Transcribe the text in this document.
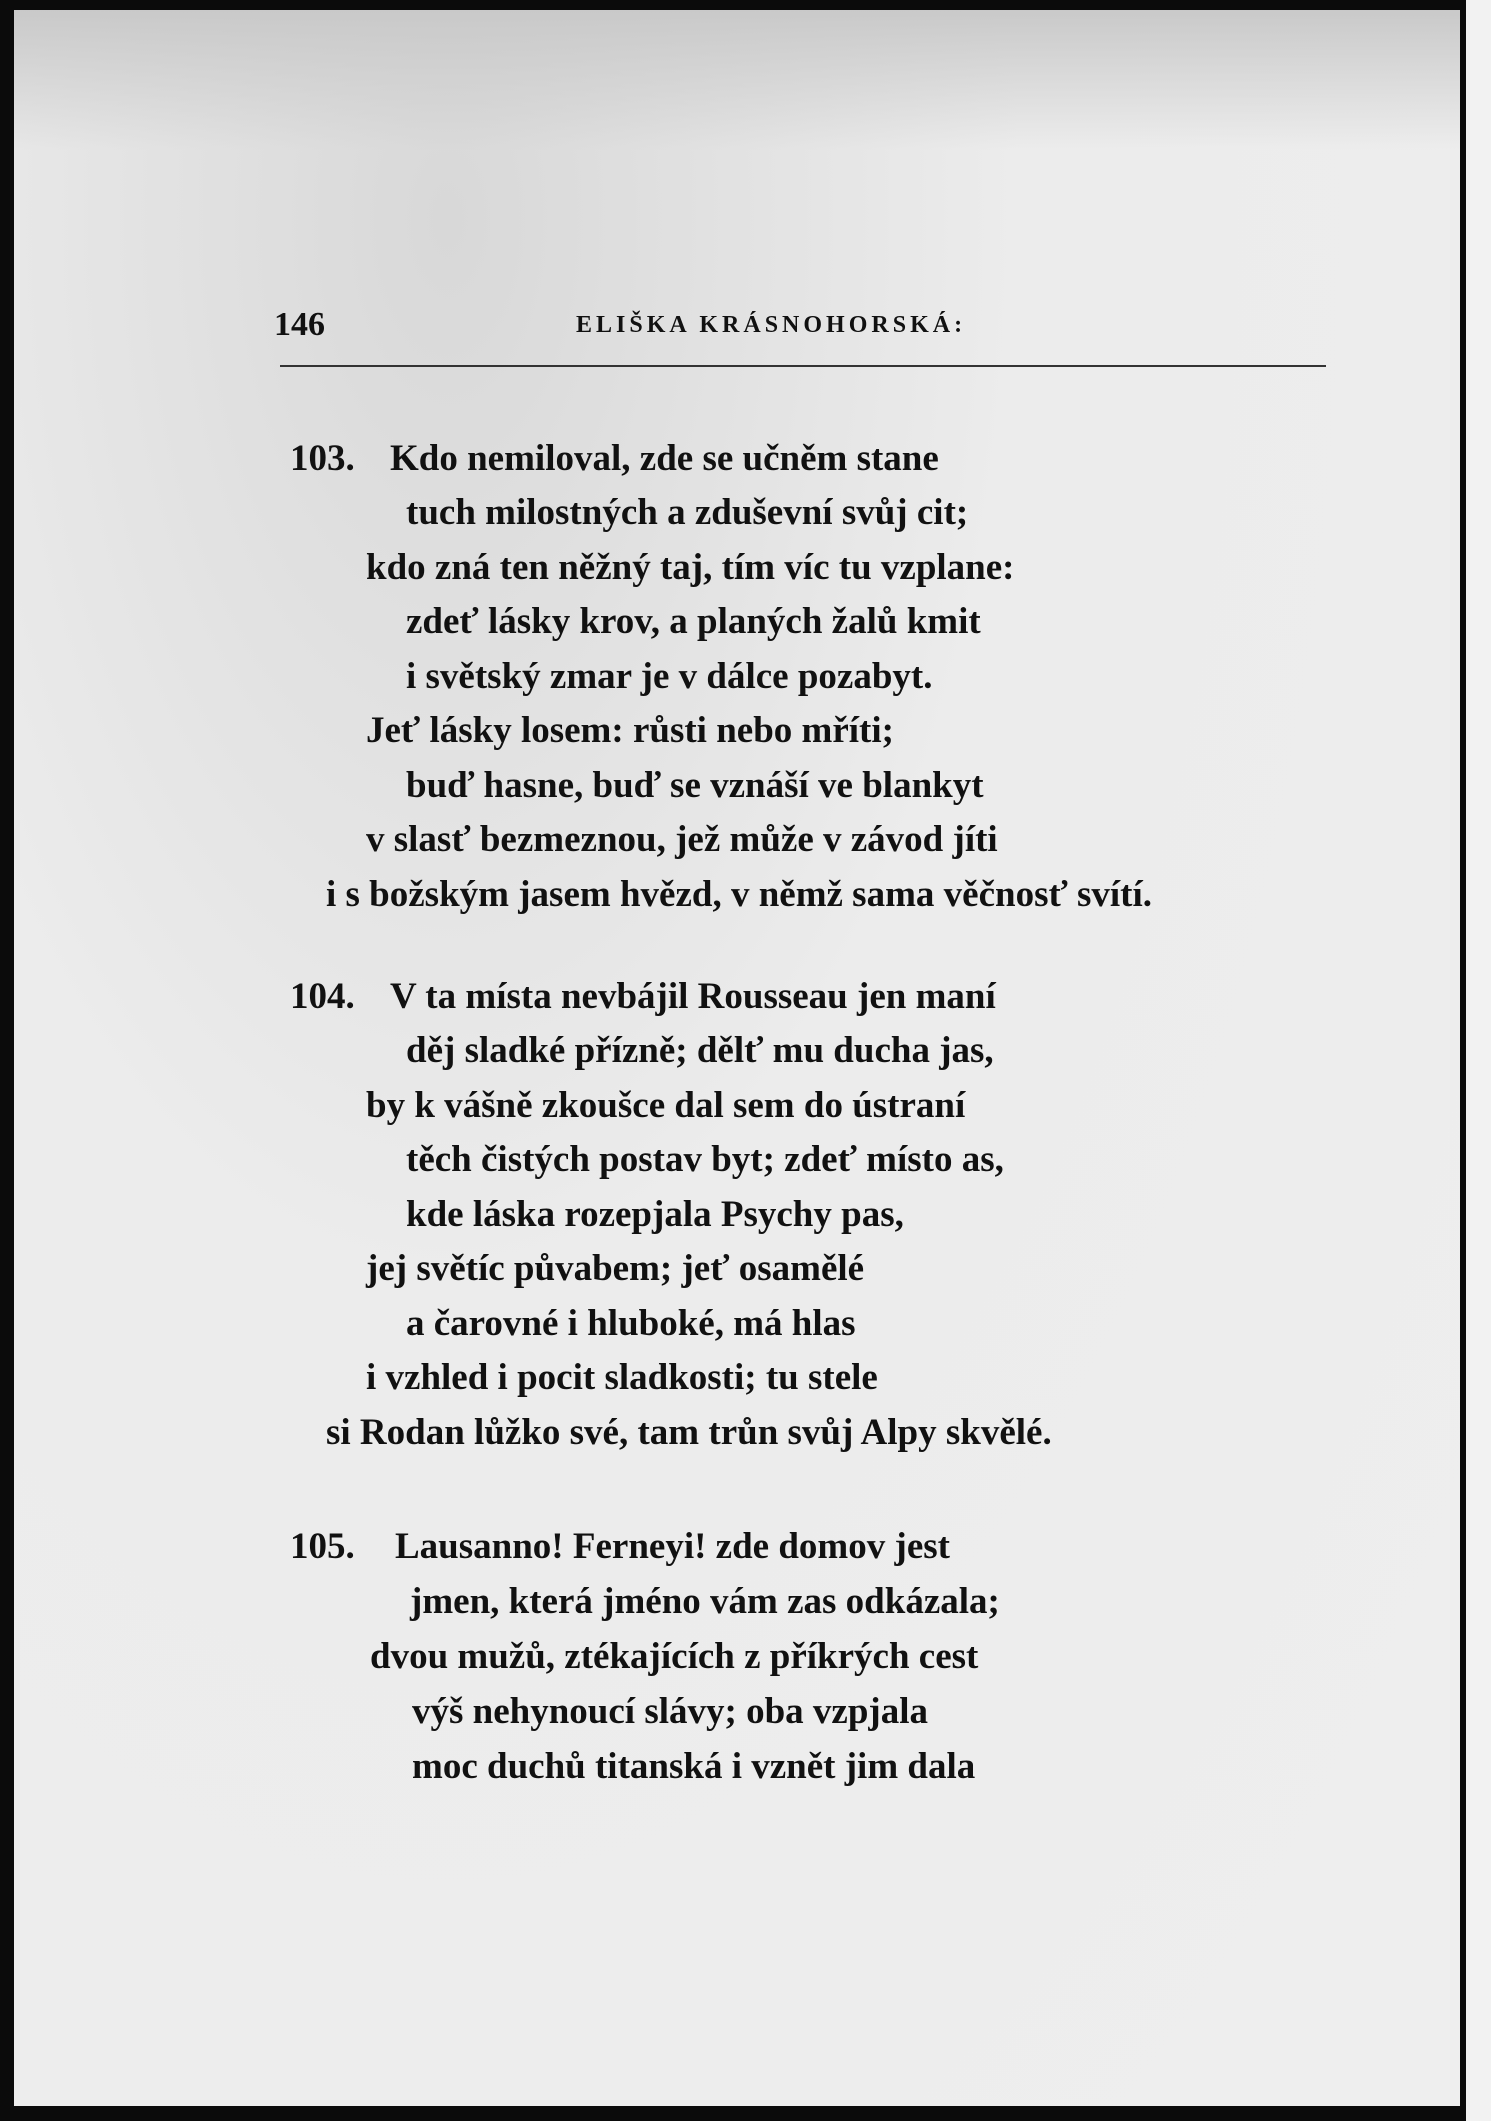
146	ELIŠKA KRÁSNOHORSKÁ:
103. Kdo nemiloval, zde se učněm stane
tuch milostných a zduševní svůj cit;
kdo zná ten něžný taj, tím víc tu vzplane:
zdeť lásky krov, a planých žalů kmit
i světský zmar je v dálce pozabyt.
Jeť lásky losem: růsti nebo mříti;
buď hasne, buď se vznáší ve blankyt
v slasť bezmeznou, jež může v závod jíti
i s božským jasem hvězd, v němž sama věčnosť svítí.
104. V ta místa nevbájil Rousseau jen maní
děj sladké přízně; dělť mu ducha jas,
by k vášně zkoušce dal sem do ústraní
těch čistých postav byt; zdeť místo as,
kde láska rozepjala Psychy pas,
jej světíc půvabem; jeť osamělé
a čarovné i hluboké, má hlas
i vzhled i pocit sladkosti; tu stele
si Rodan lůžko své, tam trůn svůj Alpy skvělé.
105. Lausanno! Ferneyi! zde domov jest
jmen, která jméno vám zas odkázala;
dvou mužů, ztékajících z příkrých cest
výš nehynoucí slávy; oba vzpjala
moc duchů titanská i vznět jim dala
